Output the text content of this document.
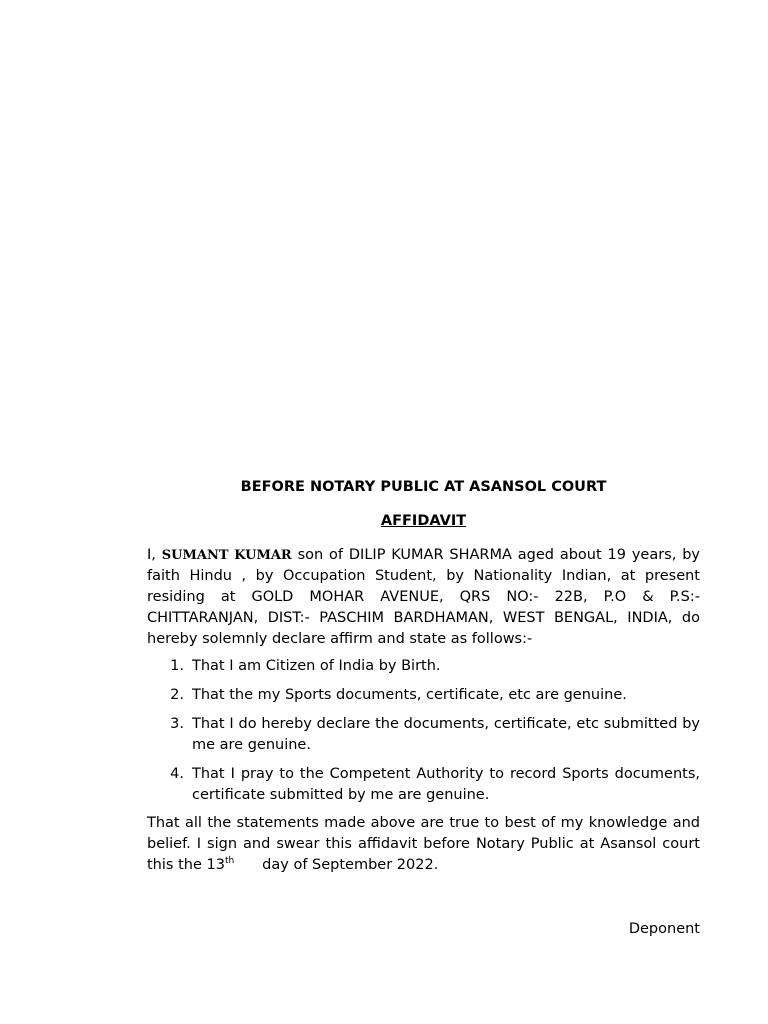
BEFORE NOTARY PUBLIC AT ASANSOL COURT
AFFIDAVIT
I, SUMANT KUMAR son of DILIP KUMAR SHARMA aged about 19 years, by faith Hindu , by Occupation Student, by Nationality Indian, at present residing at GOLD MOHAR AVENUE, QRS NO:- 22B, P.O & P.S:- CHITTARANJAN, DIST:- PASCHIM BARDHAMAN, WEST BENGAL, INDIA, do hereby solemnly declare affirm and state as follows:-
1. That I am Citizen of India by Birth.
2. That the my Sports documents, certificate, etc are genuine.
3. That I do hereby declare the documents, certificate, etc submitted by me are genuine.
4. That I pray to the Competent Authority to record Sports documents, certificate submitted by me are genuine.
That all the statements made above are true to best of my knowledge and belief. I sign and swear this affidavit before Notary Public at Asansol court this the 13th day of September 2022.
Deponent
